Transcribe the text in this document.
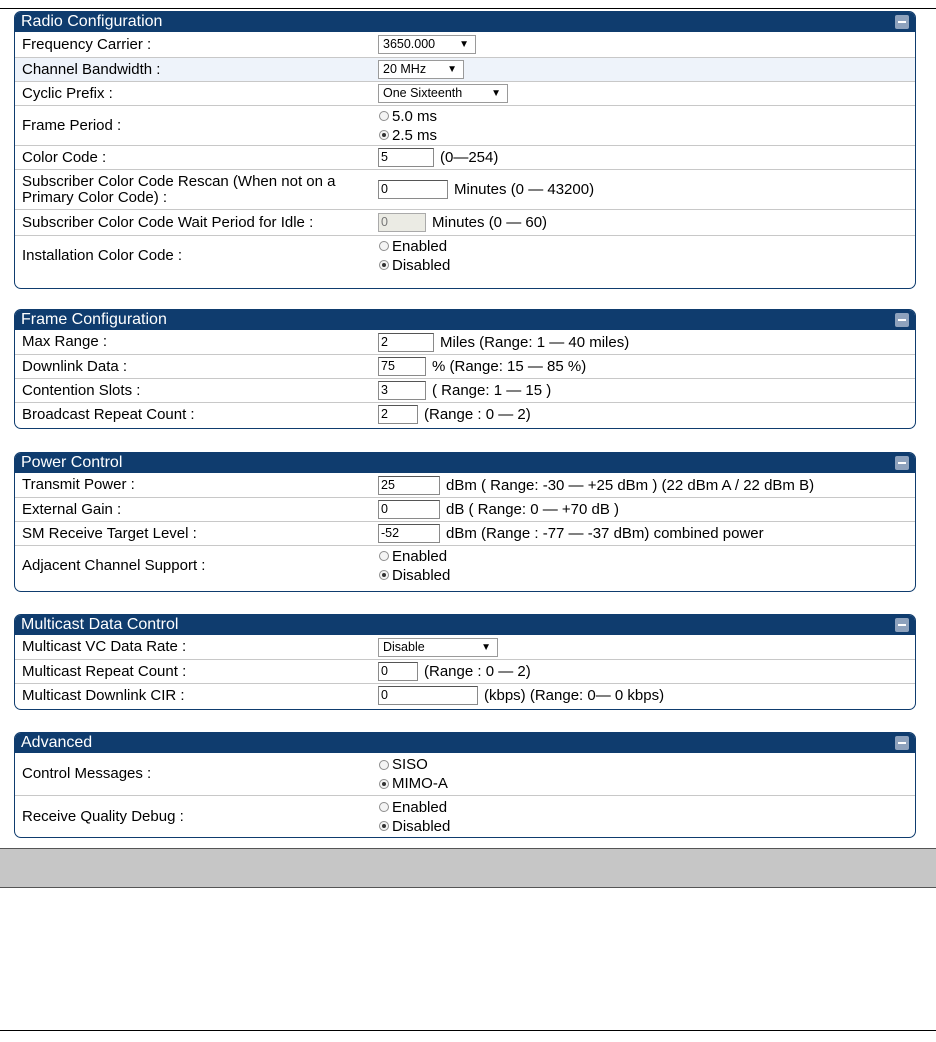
Radio Configuration
Frequency Carrier :	3650.000 ▼
Channel Bandwidth :	20 MHz ▼
Cyclic Prefix :	One Sixteenth	▼
Frame Period :
5.0 ms
2.5 ms
Color Code :	5	(0—254)
Subscriber Color Code Rescan (When not on a Primary Color Code) :	0	Minutes (0 — 43200)
Subscriber Color Code Wait Period for Idle :	0	Minutes (0 — 60)
Installation Color Code :
Enabled
Disabled
Frame Configuration
Max Range :	2	Miles (Range: 1 — 40 miles)
Downlink Data :	75	% (Range: 15 — 85 %)
Contention Slots :	3	( Range: 1 — 15 )
Broadcast Repeat Count :	2	(Range : 0 — 2)
Power Control
Transmit Power :	25	dBm ( Range: -30 — +25 dBm ) (22 dBm A / 22 dBm B)
External Gain :	0	dB ( Range: 0 — +70 dB )
SM Receive Target Level :	-52	dBm (Range : -77 — -37 dBm) combined power
Adjacent Channel Support :
Enabled
Disabled
Multicast Data Control
Multicast VC Data Rate :	Disable	▼
Multicast Repeat Count :	0	(Range : 0 — 2)
Multicast Downlink CIR :	0	(kbps) (Range: 0— 0 kbps)
Advanced
Control Messages :
SISO
MIMO-A
Receive Quality Debug :
Enabled
Disabled
